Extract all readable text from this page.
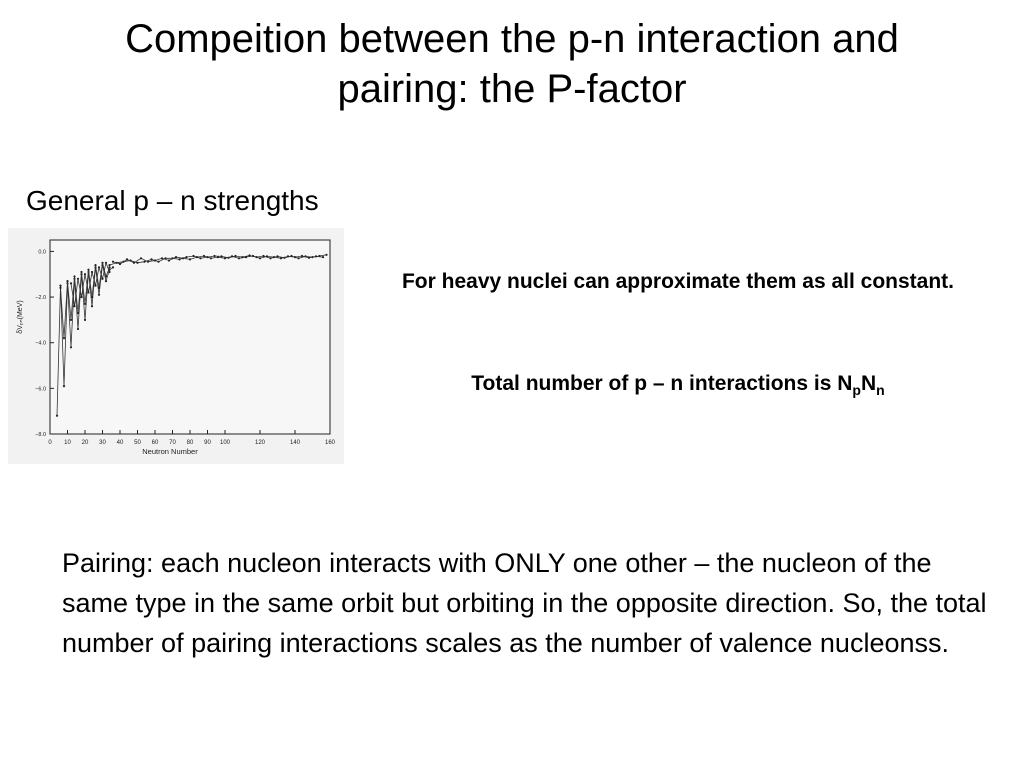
Compeition between the p-n interaction and
pairing: the P-factor
General p – n strengths
0 10 20 30 40 50 60 70 80 90 100	120	140	160
0.0
−2.0
−4.0
−6.0
−8.0
Neutron Number
δVₚₙ(MeV)
For heavy nuclei can approximate them as all constant.
Total number of p – n interactions is $N_pN_n$
Pairing: each nucleon interacts with ONLY one other – the nucleon of the same type in the same orbit but orbiting in the opposite direction. So, the total number of pairing interactions scales as the number of valence nucleonss.
